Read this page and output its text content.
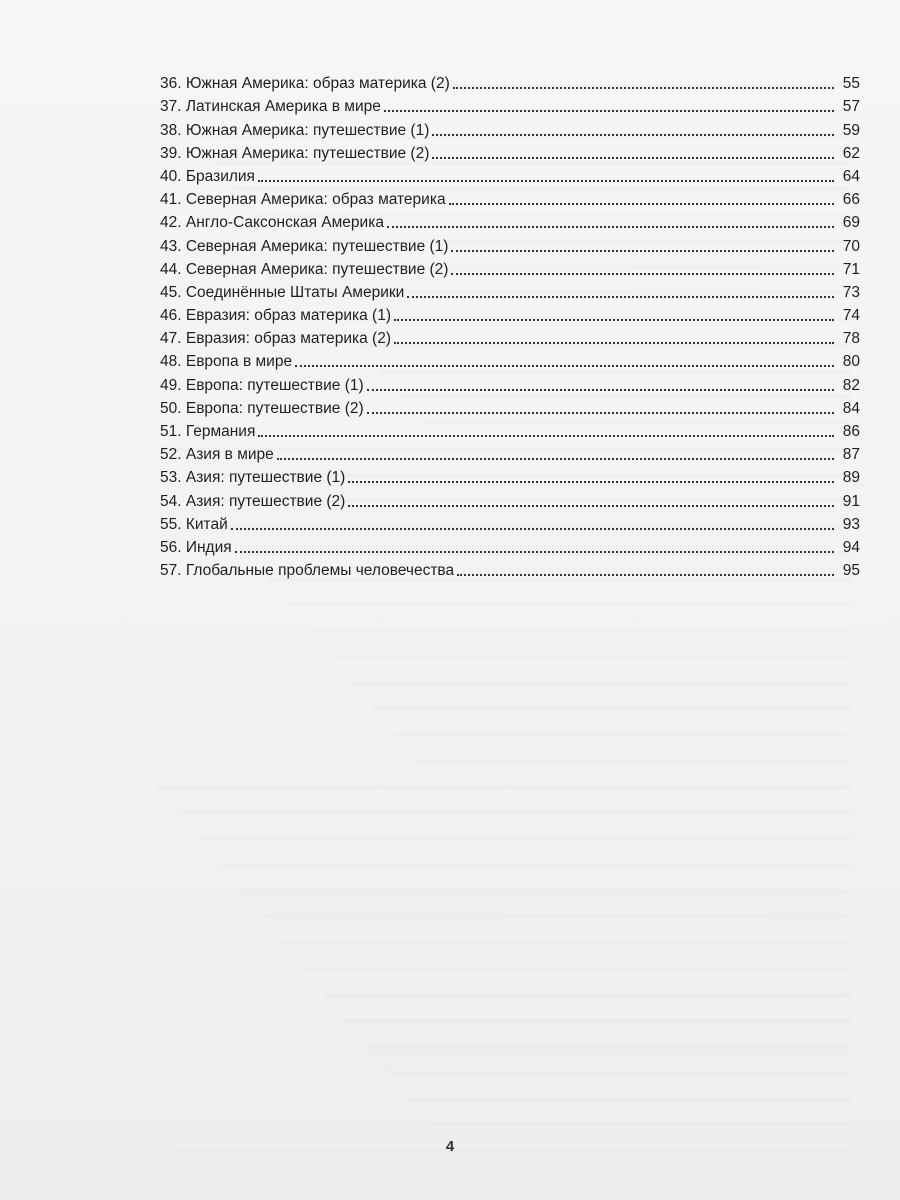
36. Южная Америка: образ материка (2)	55
37. Латинская Америка в мире	57
38. Южная Америка: путешествие (1)	59
39. Южная Америка: путешествие (2)	62
40. Бразилия	64
41. Северная Америка: образ материка	66
42. Англо-Саксонская Америка	69
43. Северная Америка: путешествие (1)	70
44. Северная Америка: путешествие (2)	71
45. Соединённые Штаты Америки	73
46. Евразия: образ материка (1)	74
47. Евразия: образ материка (2)	78
48. Европа в мире	80
49. Европа: путешествие (1)	82
50. Европа: путешествие (2)	84
51. Германия	86
52. Азия в мире	87
53. Азия: путешествие (1)	89
54. Азия: путешествие (2)	91
55. Китай	93
56. Индия	94
57. Глобальные проблемы человечества	95
4
